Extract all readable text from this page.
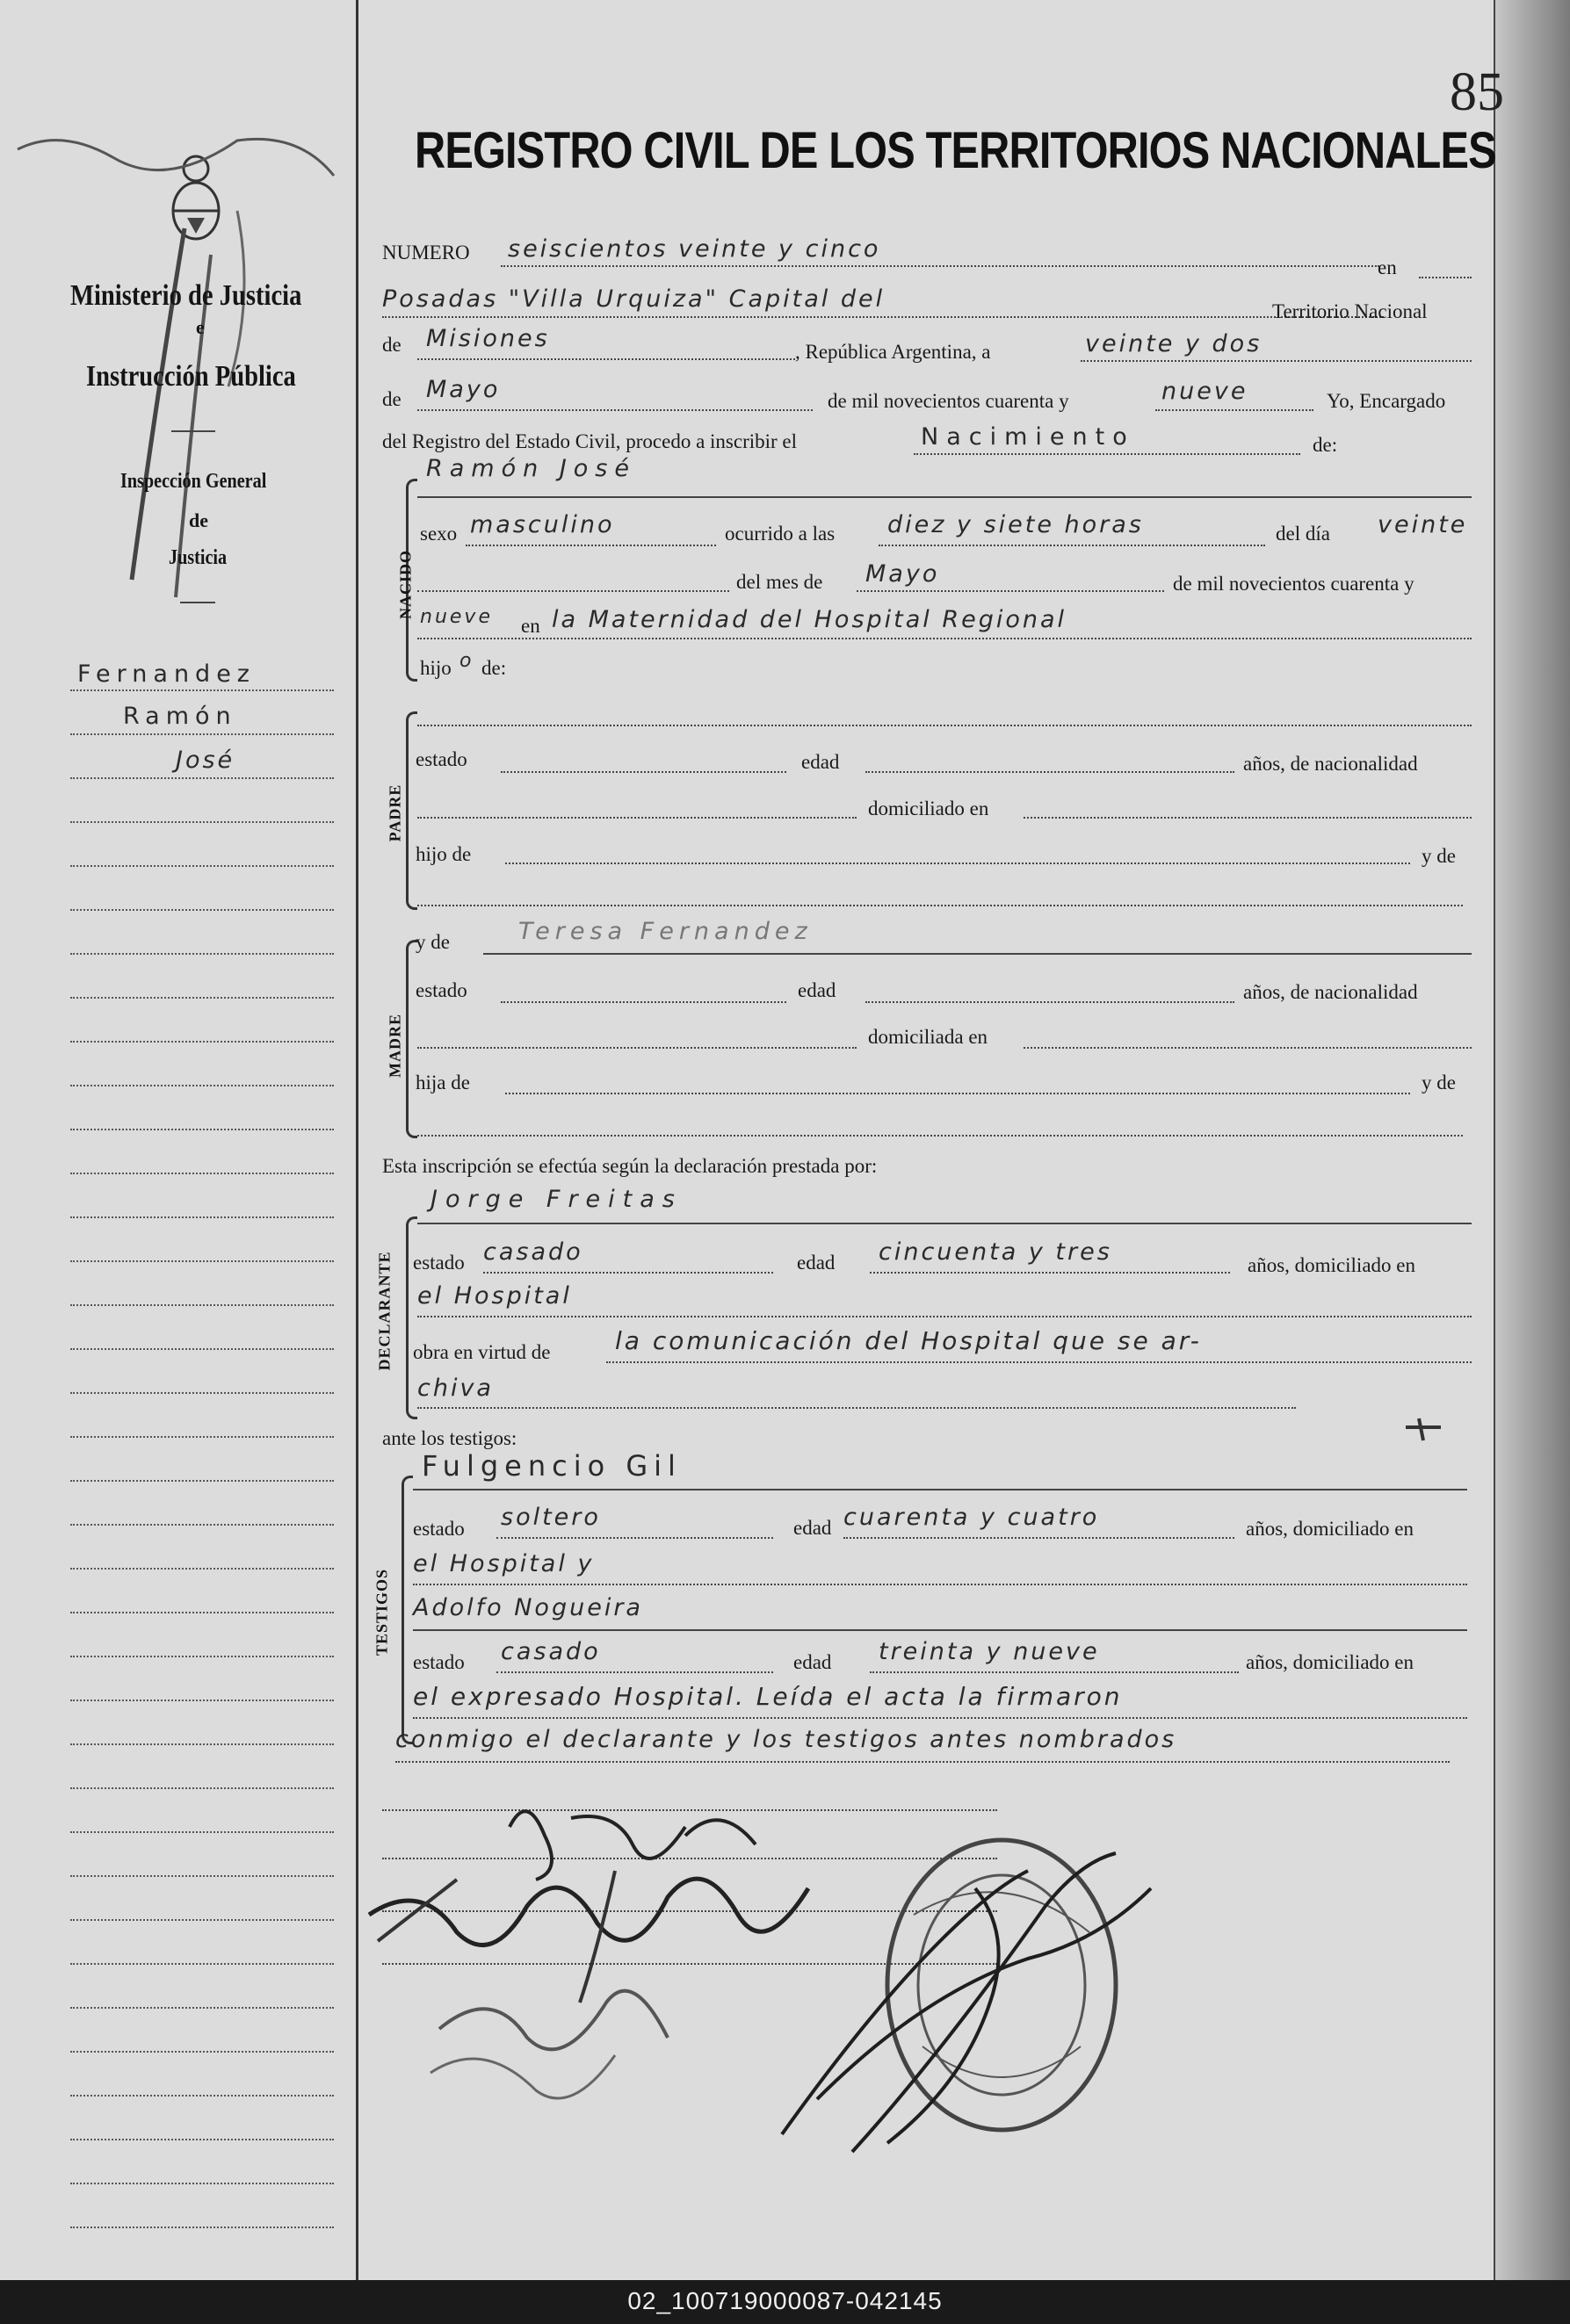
85
REGISTRO CIVIL DE LOS TERRITORIOS NACIONALES
Ministerio de Justicia
e
Instrucción Pública
Inspección General
de
Justicia
Fernandez
Ramón
José
NUMERO seiscientos veinte y cinco
Posadas "Villa Urquiza" Capital del
en
Territorio Nacional
de Misiones	, República Argentina, a	veinte y dos
de Mayo	de mil novecientos cuarenta y	nueve	Yo, Encargado
del Registro del Estado Civil, procedo a inscribir el	Nacimiento	de:
NACIDO
Ramón José
sexo masculino	ocurrido a las diez y siete horas	del día veinte
del mes de Mayo	de mil novecientos cuarenta y
nueve en la Maternidad del Hospital Regional
hijo o de:
PADRE
estado	edad	años, de nacionalidad
domiciliado en
hijo de	y de
MADRE
y de	Teresa Fernandez
estado	edad	años, de nacionalidad
domiciliada en
hija de	y de
Esta inscripción se efectúa según la declaración prestada por:
DECLARANTE
Jorge Freitas
estado casado	edad cincuenta y tres	años, domiciliado en
el Hospital
obra en virtud de	la comunicación del Hospital que se ar-
chiva
ante los testigos:
TESTIGOS
Fulgencio Gil
estado soltero	edad cuarenta y cuatro	años, domiciliado en
el Hospital y
Adolfo Nogueira
estado casado	edad treinta y nueve	años, domiciliado en
el expresado Hospital. Leída el acta la firmaron
conmigo el declarante y los testigos antes nombrados
02_100719000087-042145
